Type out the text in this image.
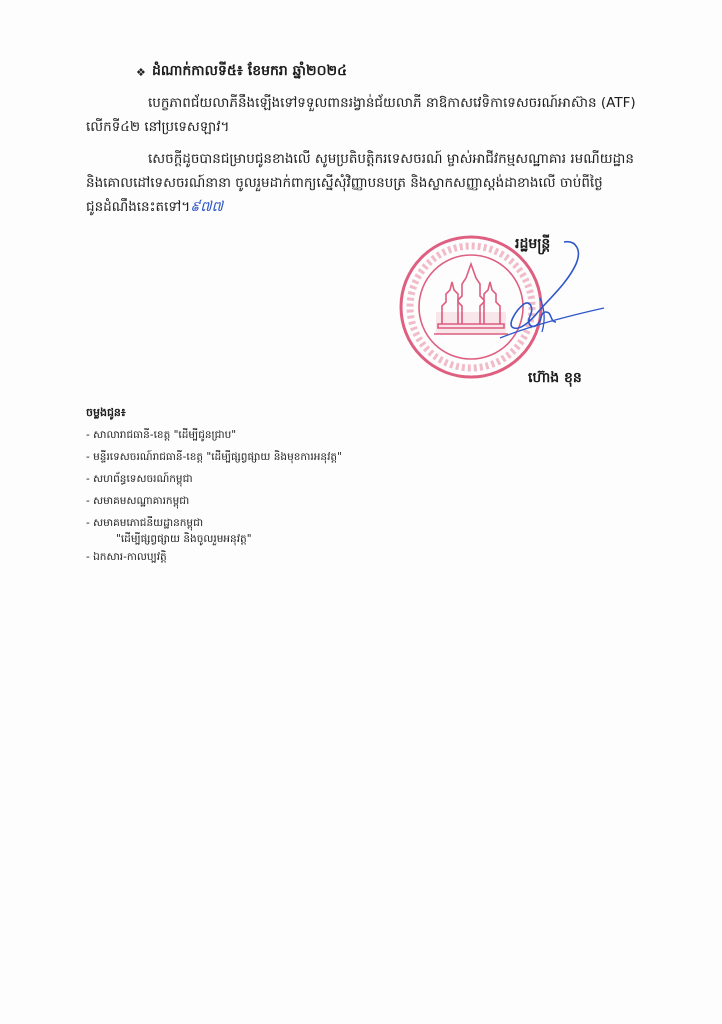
❖ ដំណាក់កាលទី៥៖ ខែមករា ឆ្នាំ២០២៤
បេក្ខភាពជ័យលាភីនឹងឡើងទៅទទួលពានរង្វាន់ជ័យលាភី នាឱកាសវេទិកាទេសចរណ៍អាស៊ាន (ATF)
លើកទី៤២ នៅប្រទេសឡាវ។
សេចក្តីដូចបានជម្រាបជូនខាងលើ សូមប្រតិបត្តិករទេសចរណ៍ ម្ចាស់អាជីវកម្មសណ្ឋាគារ រមណីយដ្ឋាន
និងគោលដៅទេសចរណ៍នានា ចូលរួមដាក់ពាក្យស្នើសុំវិញ្ញាបនបត្រ និងស្លាកសញ្ញាស្តង់ដាខាងលើ ចាប់ពីថ្ងៃ
ជូនដំណឹងនេះតទៅ។៩៧៧
រដ្ឋមន្ត្រី
ហ៊ោង ខុន
ចម្លងជូន៖
- សាលារាជធានី-ខេត្ត "ដើម្បីជូនជ្រាប"
- មន្ទីរទេសចរណ៍រាជធានី-ខេត្ត "ដើម្បីផ្សព្វផ្សាយ និងមុខការអនុវត្ត"
- សហព័ន្ធទេសចរណ៍កម្ពុជា
- សមាគមសណ្ឋាគារកម្ពុជា
- សមាគមភោជនីយដ្ឋានកម្ពុជា
"ដើម្បីផ្សព្វផ្សាយ និងចូលរួមអនុវត្ត"
- ឯកសារ-កាលប្បវត្តិ
